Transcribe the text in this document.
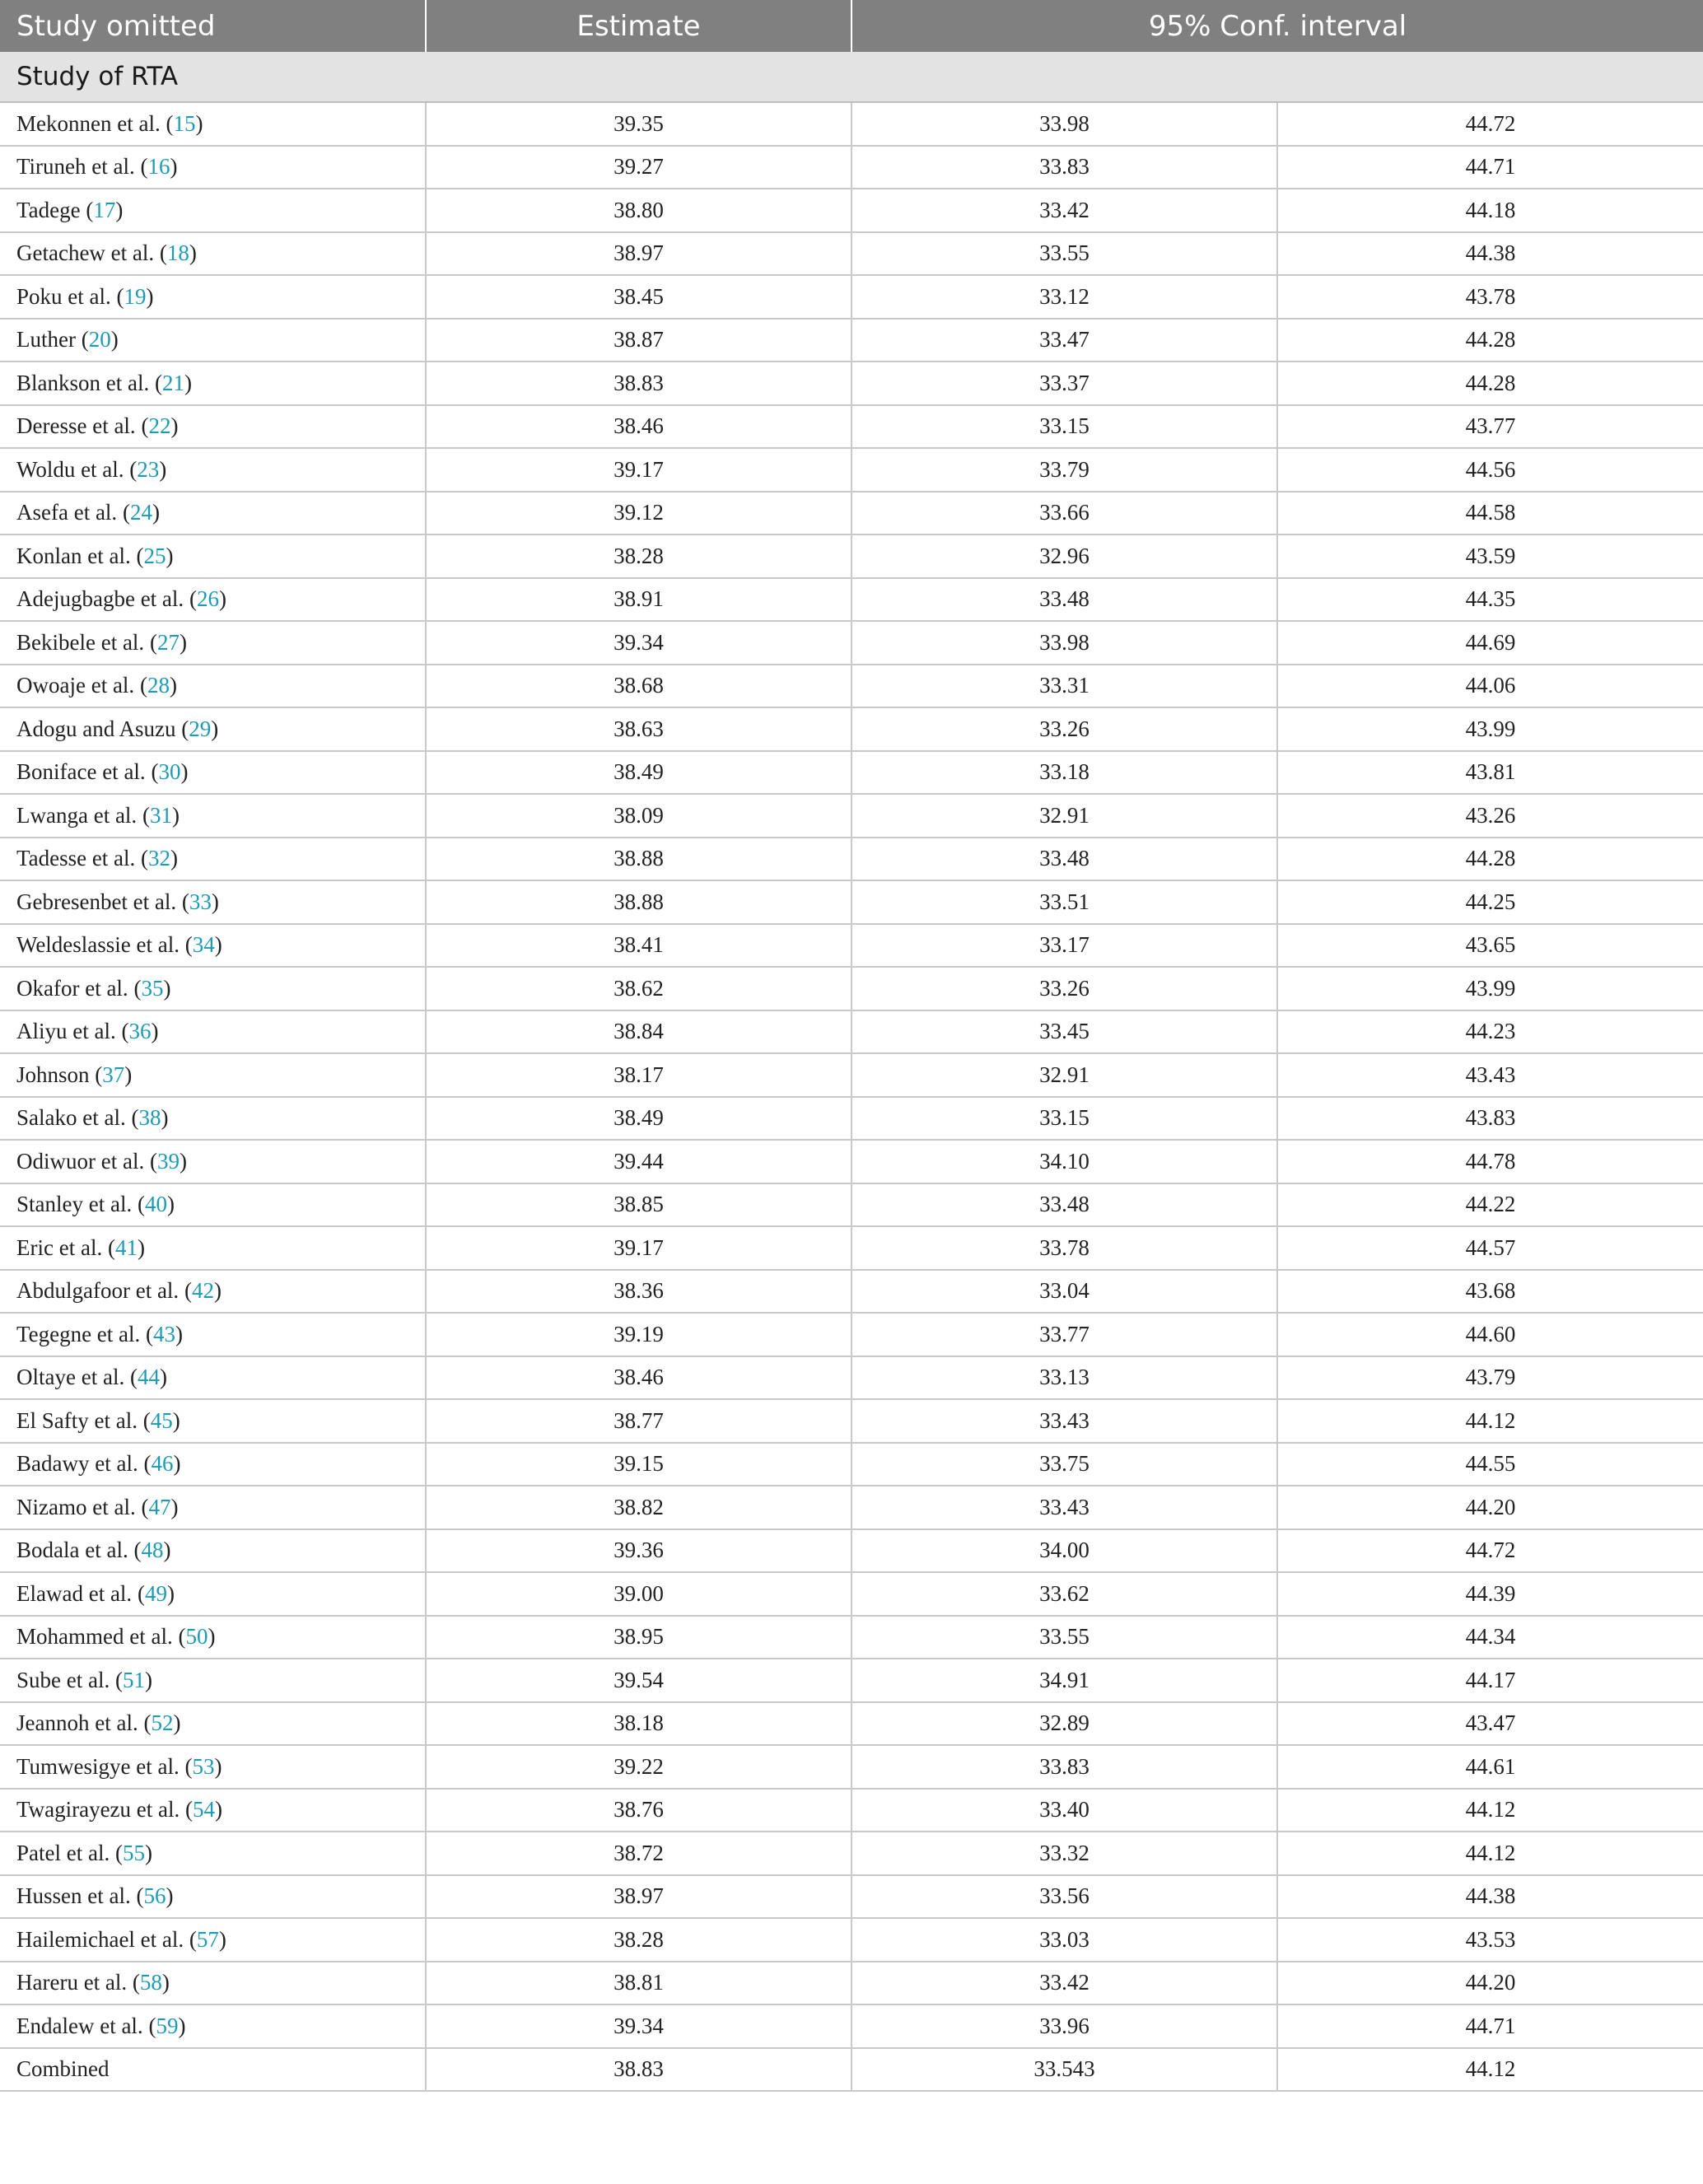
Study omitted	Estimate	95% Conf. interval	
Study of RTA			
Mekonnen et al. (15)	39.35	33.98	44.72
Tiruneh et al. (16)	39.27	33.83	44.71
Tadege (17)	38.80	33.42	44.18
Getachew et al. (18)	38.97	33.55	44.38
Poku et al. (19)	38.45	33.12	43.78
Luther (20)	38.87	33.47	44.28
Blankson et al. (21)	38.83	33.37	44.28
Deresse et al. (22)	38.46	33.15	43.77
Woldu et al. (23)	39.17	33.79	44.56
Asefa et al. (24)	39.12	33.66	44.58
Konlan et al. (25)	38.28	32.96	43.59
Adejugbagbe et al. (26)	38.91	33.48	44.35
Bekibele et al. (27)	39.34	33.98	44.69
Owoaje et al. (28)	38.68	33.31	44.06
Adogu and Asuzu (29)	38.63	33.26	43.99
Boniface et al. (30)	38.49	33.18	43.81
Lwanga et al. (31)	38.09	32.91	43.26
Tadesse et al. (32)	38.88	33.48	44.28
Gebresenbet et al. (33)	38.88	33.51	44.25
Weldeslassie et al. (34)	38.41	33.17	43.65
Okafor et al. (35)	38.62	33.26	43.99
Aliyu et al. (36)	38.84	33.45	44.23
Johnson (37)	38.17	32.91	43.43
Salako et al. (38)	38.49	33.15	43.83
Odiwuor et al. (39)	39.44	34.10	44.78
Stanley et al. (40)	38.85	33.48	44.22
Eric et al. (41)	39.17	33.78	44.57
Abdulgafoor et al. (42)	38.36	33.04	43.68
Tegegne et al. (43)	39.19	33.77	44.60
Oltaye et al. (44)	38.46	33.13	43.79
El Safty et al. (45)	38.77	33.43	44.12
Badawy et al. (46)	39.15	33.75	44.55
Nizamo et al. (47)	38.82	33.43	44.20
Bodala et al. (48)	39.36	34.00	44.72
Elawad et al. (49)	39.00	33.62	44.39
Mohammed et al. (50)	38.95	33.55	44.34
Sube et al. (51)	39.54	34.91	44.17
Jeannoh et al. (52)	38.18	32.89	43.47
Tumwesigye et al. (53)	39.22	33.83	44.61
Twagirayezu et al. (54)	38.76	33.40	44.12
Patel et al. (55)	38.72	33.32	44.12
Hussen et al. (56)	38.97	33.56	44.38
Hailemichael et al. (57)	38.28	33.03	43.53
Hareru et al. (58)	38.81	33.42	44.20
Endalew et al. (59)	39.34	33.96	44.71
Combined	38.83	33.543	44.12
